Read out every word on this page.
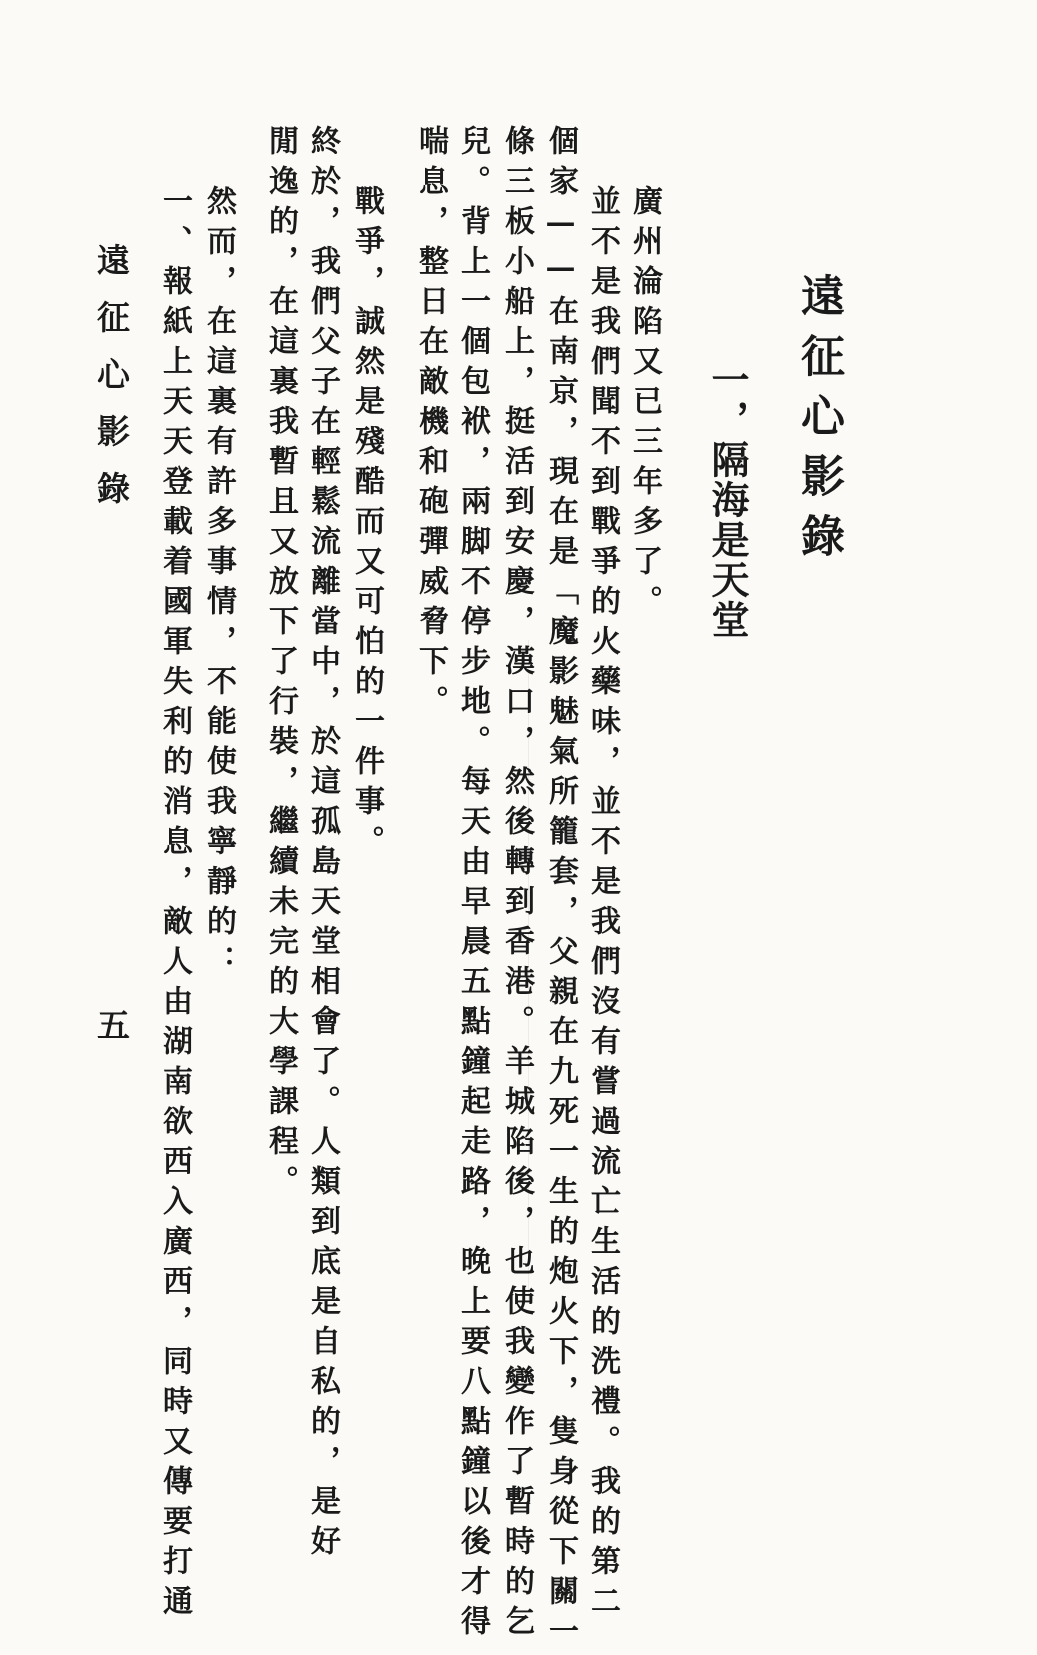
遠征心影錄
一，隔海是天堂
廣州淪陷又已三年多了。
並不是我們聞不到戰爭的火藥味，並不是我們沒有嘗過流亡生活的洗禮。我的第二
個家——在南京，現在是「魔影魅氣所籠套，父親在九死一生的炮火下，隻身從下關一
條三板小船上，挺活到安慶，漢口，然後轉到香港。羊城陷後，也使我變作了暫時的乞
兒。背上一個包袱，兩脚不停步地。每天由早晨五點鐘起走路，晚上要八點鐘以後才得
喘息，整日在敵機和砲彈威脅下。
戰爭，誠然是殘酷而又可怕的一件事。
終於，我們父子在輕鬆流離當中，於這孤島天堂相會了。人類到底是自私的，是好
閒逸的，在這裏我暫且又放下了行裝，繼續未完的大學課程。
然而，在這裏有許多事情，不能使我寧靜的：
一、報紙上天天登載着國軍失利的消息，敵人由湖南欲西入廣西，同時又傳要打通
遠征心影錄
五
